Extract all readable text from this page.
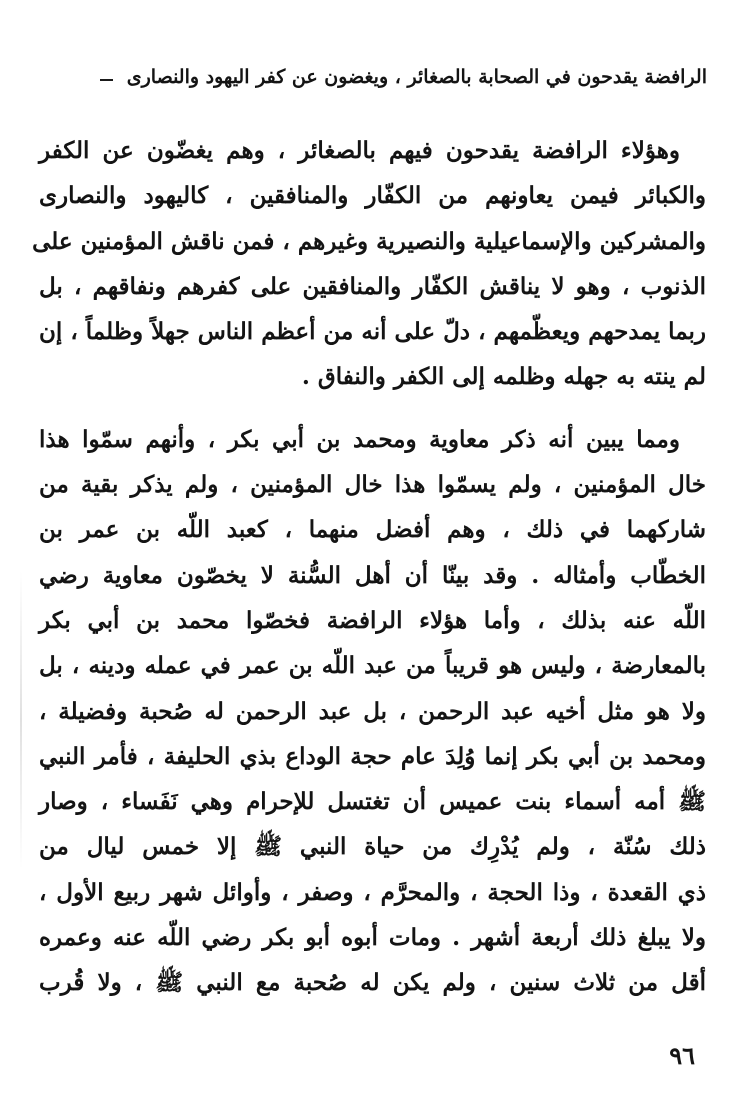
الرافضة يقدحون في الصحابة بالصغائر ، ويغضون عن كفر اليهود والنصارى
وهؤلاء الرافضة يقدحون فيهم بالصغائر ، وهم يغضّون عن الكفر
والكبائر فيمن يعاونهم من الكفّار والمنافقين ، كاليهود والنصارى
والمشركين والإسماعيلية والنصيرية وغيرهم ، فمن ناقش المؤمنين على
الذنوب ، وهو لا يناقش الكفّار والمنافقين على كفرهم ونفاقهم ، بل
ربما يمدحهم ويعظّمهم ، دلّ على أنه من أعظم الناس جهلاً وظلماً ، إن
لم ينته به جهله وظلمه إلى الكفر والنفاق .
ومما يبين أنه ذكر معاوية ومحمد بن أبي بكر ، وأنهم سمّوا هذا
خال المؤمنين ، ولم يسمّوا هذا خال المؤمنين ، ولم يذكر بقية من
شاركهما في ذلك ، وهم أفضل منهما ، كعبد اللّه بن عمر بن
الخطّاب وأمثاله . وقد بينّا أن أهل السُّنة لا يخصّون معاوية رضي
اللّه عنه بذلك ، وأما هؤلاء الرافضة فخصّوا محمد بن أبي بكر
بالمعارضة ، وليس هو قريباً من عبد اللّه بن عمر في عمله ودينه ، بل
ولا هو مثل أخيه عبد الرحمن ، بل عبد الرحمن له صُحبة وفضيلة ،
ومحمد بن أبي بكر إنما وُلِدَ عام حجة الوداع بذي الحليفة ، فأمر النبي
ﷺ أمه أسماء بنت عميس أن تغتسل للإحرام وهي نَفَساء ، وصار
ذلك سُنّة ، ولم يُدْرِك من حياة النبي ﷺ إلا خمس ليال من
ذي القعدة ، وذا الحجة ، والمحرَّم ، وصفر ، وأوائل شهر ربيع الأول ،
ولا يبلغ ذلك أربعة أشهر . ومات أبوه أبو بكر رضي اللّه عنه وعمره
أقل من ثلاث سنين ، ولم يكن له صُحبة مع النبي ﷺ ، ولا قُرب
٩٦
